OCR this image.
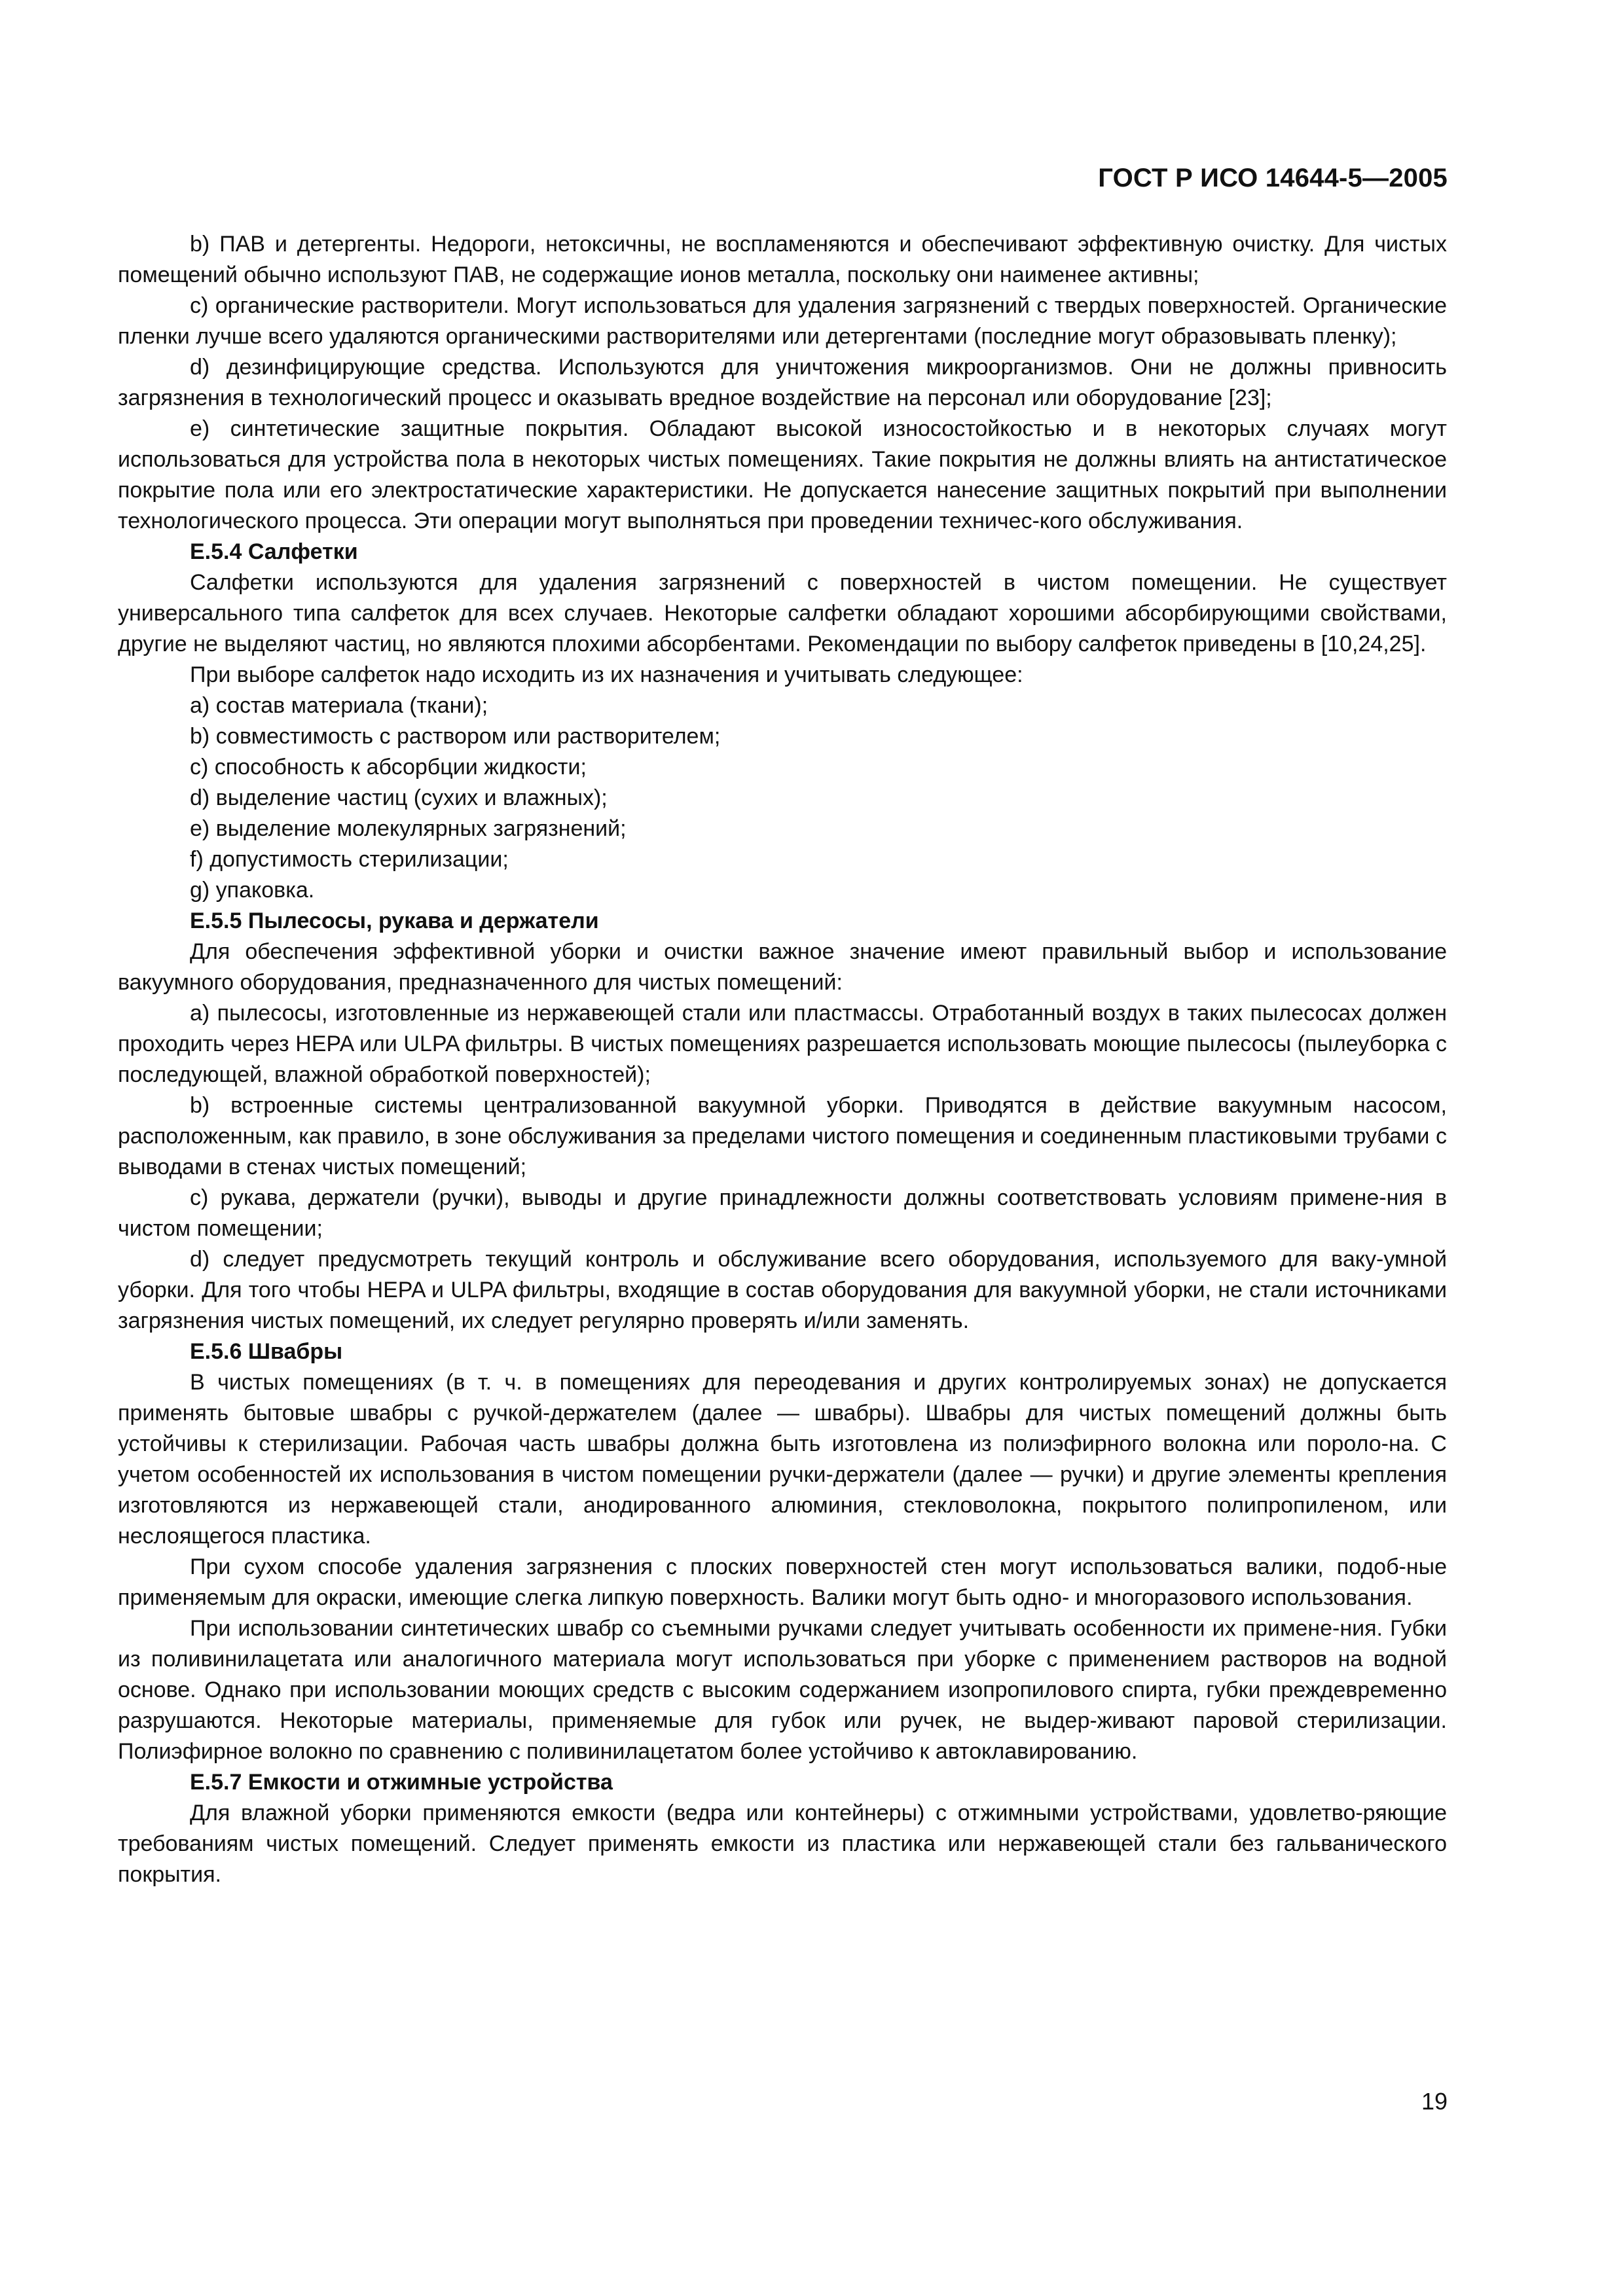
ГОСТ Р ИСО 14644-5—2005

b) ПАВ и детергенты. Недороги, нетоксичны, не воспламеняются и обеспечивают эффективную очистку. Для чистых помещений обычно используют ПАВ, не содержащие ионов металла, поскольку они наименее активны;

c) органические растворители. Могут использоваться для удаления загрязнений с твердых поверхностей. Органические пленки лучше всего удаляются органическими растворителями или детергентами (последние могут образовывать пленку);

d) дезинфицирующие средства. Используются для уничтожения микроорганизмов. Они не должны привносить загрязнения в технологический процесс и оказывать вредное воздействие на персонал или оборудование [23];

e) синтетические защитные покрытия. Обладают высокой износостойкостью и в некоторых случаях могут использоваться для устройства пола в некоторых чистых помещениях. Такие покрытия не должны влиять на антистатическое покрытие пола или его электростатические характеристики. Не допускается нанесение защитных покрытий при выполнении технологического процесса. Эти операции могут выполняться при проведении техничес-кого обслуживания.

Е.5.4 Салфетки

Салфетки используются для удаления загрязнений с поверхностей в чистом помещении. Не существует универсального типа салфеток для всех случаев. Некоторые салфетки обладают хорошими абсорбирующими свойствами, другие не выделяют частиц, но являются плохими абсорбентами. Рекомендации по выбору салфеток приведены в [10,24,25].

При выборе салфеток надо исходить из их назначения и учитывать следующее:

a) состав материала (ткани);
b) совместимость с раствором или растворителем;
c) способность к абсорбции жидкости;
d) выделение частиц (сухих и влажных);
e) выделение молекулярных загрязнений;
f) допустимость стерилизации;
g) упаковка.
Е.5.5 Пылесосы, рукава и держатели

Для обеспечения эффективной уборки и очистки важное значение имеют правильный выбор и использование вакуумного оборудования, предназначенного для чистых помещений:

a) пылесосы, изготовленные из нержавеющей стали или пластмассы. Отработанный воздух в таких пылесосах должен проходить через HEPA или ULPA фильтры. В чистых помещениях разрешается использовать моющие пылесосы (пылеуборка с последующей, влажной обработкой поверхностей);

b) встроенные системы централизованной вакуумной уборки. Приводятся в действие вакуумным насосом, расположенным, как правило, в зоне обслуживания за пределами чистого помещения и соединенным пластиковыми трубами с выводами в стенах чистых помещений;

c) рукава, держатели (ручки), выводы и другие принадлежности должны соответствовать условиям примене-ния в чистом помещении;

d) следует предусмотреть текущий контроль и обслуживание всего оборудования, используемого для ваку-умной уборки. Для того чтобы HEPA и ULPA фильтры, входящие в состав оборудования для вакуумной уборки, не стали источниками загрязнения чистых помещений, их следует регулярно проверять и/или заменять.

Е.5.6 Швабры

В чистых помещениях (в т. ч. в помещениях для переодевания и других контролируемых зонах) не допускается применять бытовые швабры с ручкой-держателем (далее — швабры). Швабры для чистых помещений должны быть устойчивы к стерилизации. Рабочая часть швабры должна быть изготовлена из полиэфирного волокна или пороло-на. С учетом особенностей их использования в чистом помещении ручки-держатели (далее — ручки) и другие элементы крепления изготовляются из нержавеющей стали, анодированного алюминия, стекловолокна, покрытого полипропиленом, или неслоящегося пластика.

При сухом способе удаления загрязнения с плоских поверхностей стен могут использоваться валики, подоб-ные применяемым для окраски, имеющие слегка липкую поверхность. Валики могут быть одно- и многоразового использования.

При использовании синтетических швабр со съемными ручками следует учитывать особенности их примене-ния. Губки из поливинилацетата или аналогичного материала могут использоваться при уборке с применением растворов на водной основе. Однако при использовании моющих средств с высоким содержанием изопропилового спирта, губки преждевременно разрушаются. Некоторые материалы, применяемые для губок или ручек, не выдер-живают паровой стерилизации. Полиэфирное волокно по сравнению с поливинилацетатом более устойчиво к автоклавированию.

Е.5.7 Емкости и отжимные устройства

Для влажной уборки применяются емкости (ведра или контейнеры) с отжимными устройствами, удовлетво-ряющие требованиям чистых помещений. Следует применять емкости из пластика или нержавеющей стали без гальванического покрытия.

19
